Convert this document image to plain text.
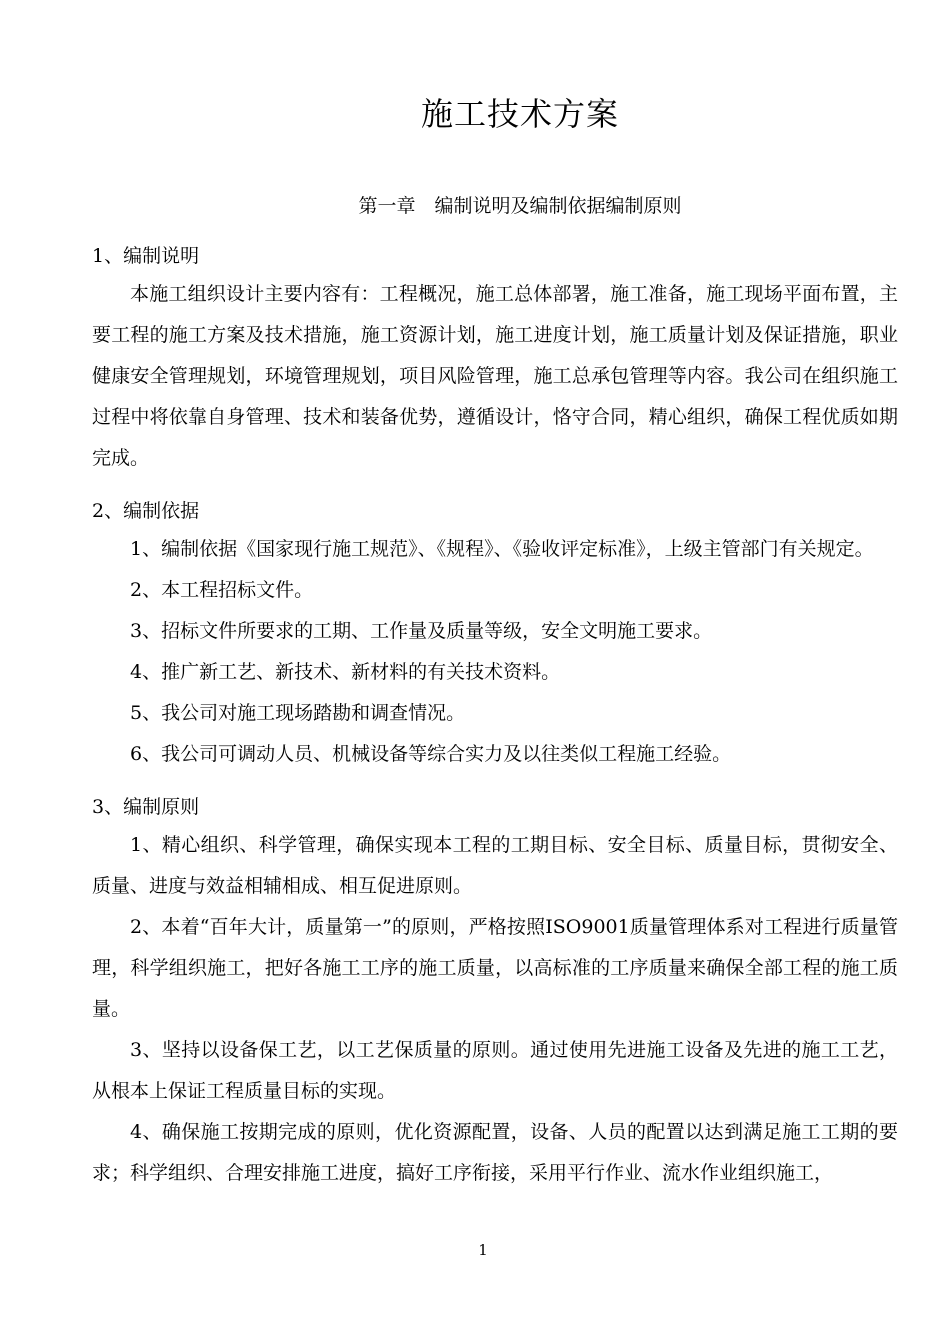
施工技术方案
第一章　编制说明及编制依据编制原则

1、编制说明

本施工组织设计主要内容有：工程概况，施工总体部署，施工准备，施工现场平面布置，主要工程的施工方案及技术措施，施工资源计划，施工进度计划，施工质量计划及保证措施，职业健康安全管理规划，环境管理规划，项目风险管理，施工总承包管理等内容。我公司在组织施工过程中将依靠自身管理、技术和装备优势，遵循设计，恪守合同，精心组织，确保工程优质如期完成。

2、编制依据

1、编制依据《国家现行施工规范》、《规程》、《验收评定标准》，上级主管部门有关规定。

2、本工程招标文件。

3、招标文件所要求的工期、工作量及质量等级，安全文明施工要求。

4、推广新工艺、新技术、新材料的有关技术资料。

5、我公司对施工现场踏勘和调查情况。

6、我公司可调动人员、机械设备等综合实力及以往类似工程施工经验。

3、编制原则

1、精心组织、科学管理，确保实现本工程的工期目标、安全目标、质量目标，贯彻安全、质量、进度与效益相辅相成、相互促进原则。

2、本着“百年大计，质量第一”的原则，严格按照ISO9001质量管理体系对工程进行质量管理，科学组织施工，把好各施工工序的施工质量，以高标准的工序质量来确保全部工程的施工质量。

3、坚持以设备保工艺，以工艺保质量的原则。通过使用先进施工设备及先进的施工工艺，从根本上保证工程质量目标的实现。

4、确保施工按期完成的原则，优化资源配置，设备、人员的配置以达到满足施工工期的要求；科学组织、合理安排施工进度，搞好工序衔接，采用平行作业、流水作业组织施工，

1
